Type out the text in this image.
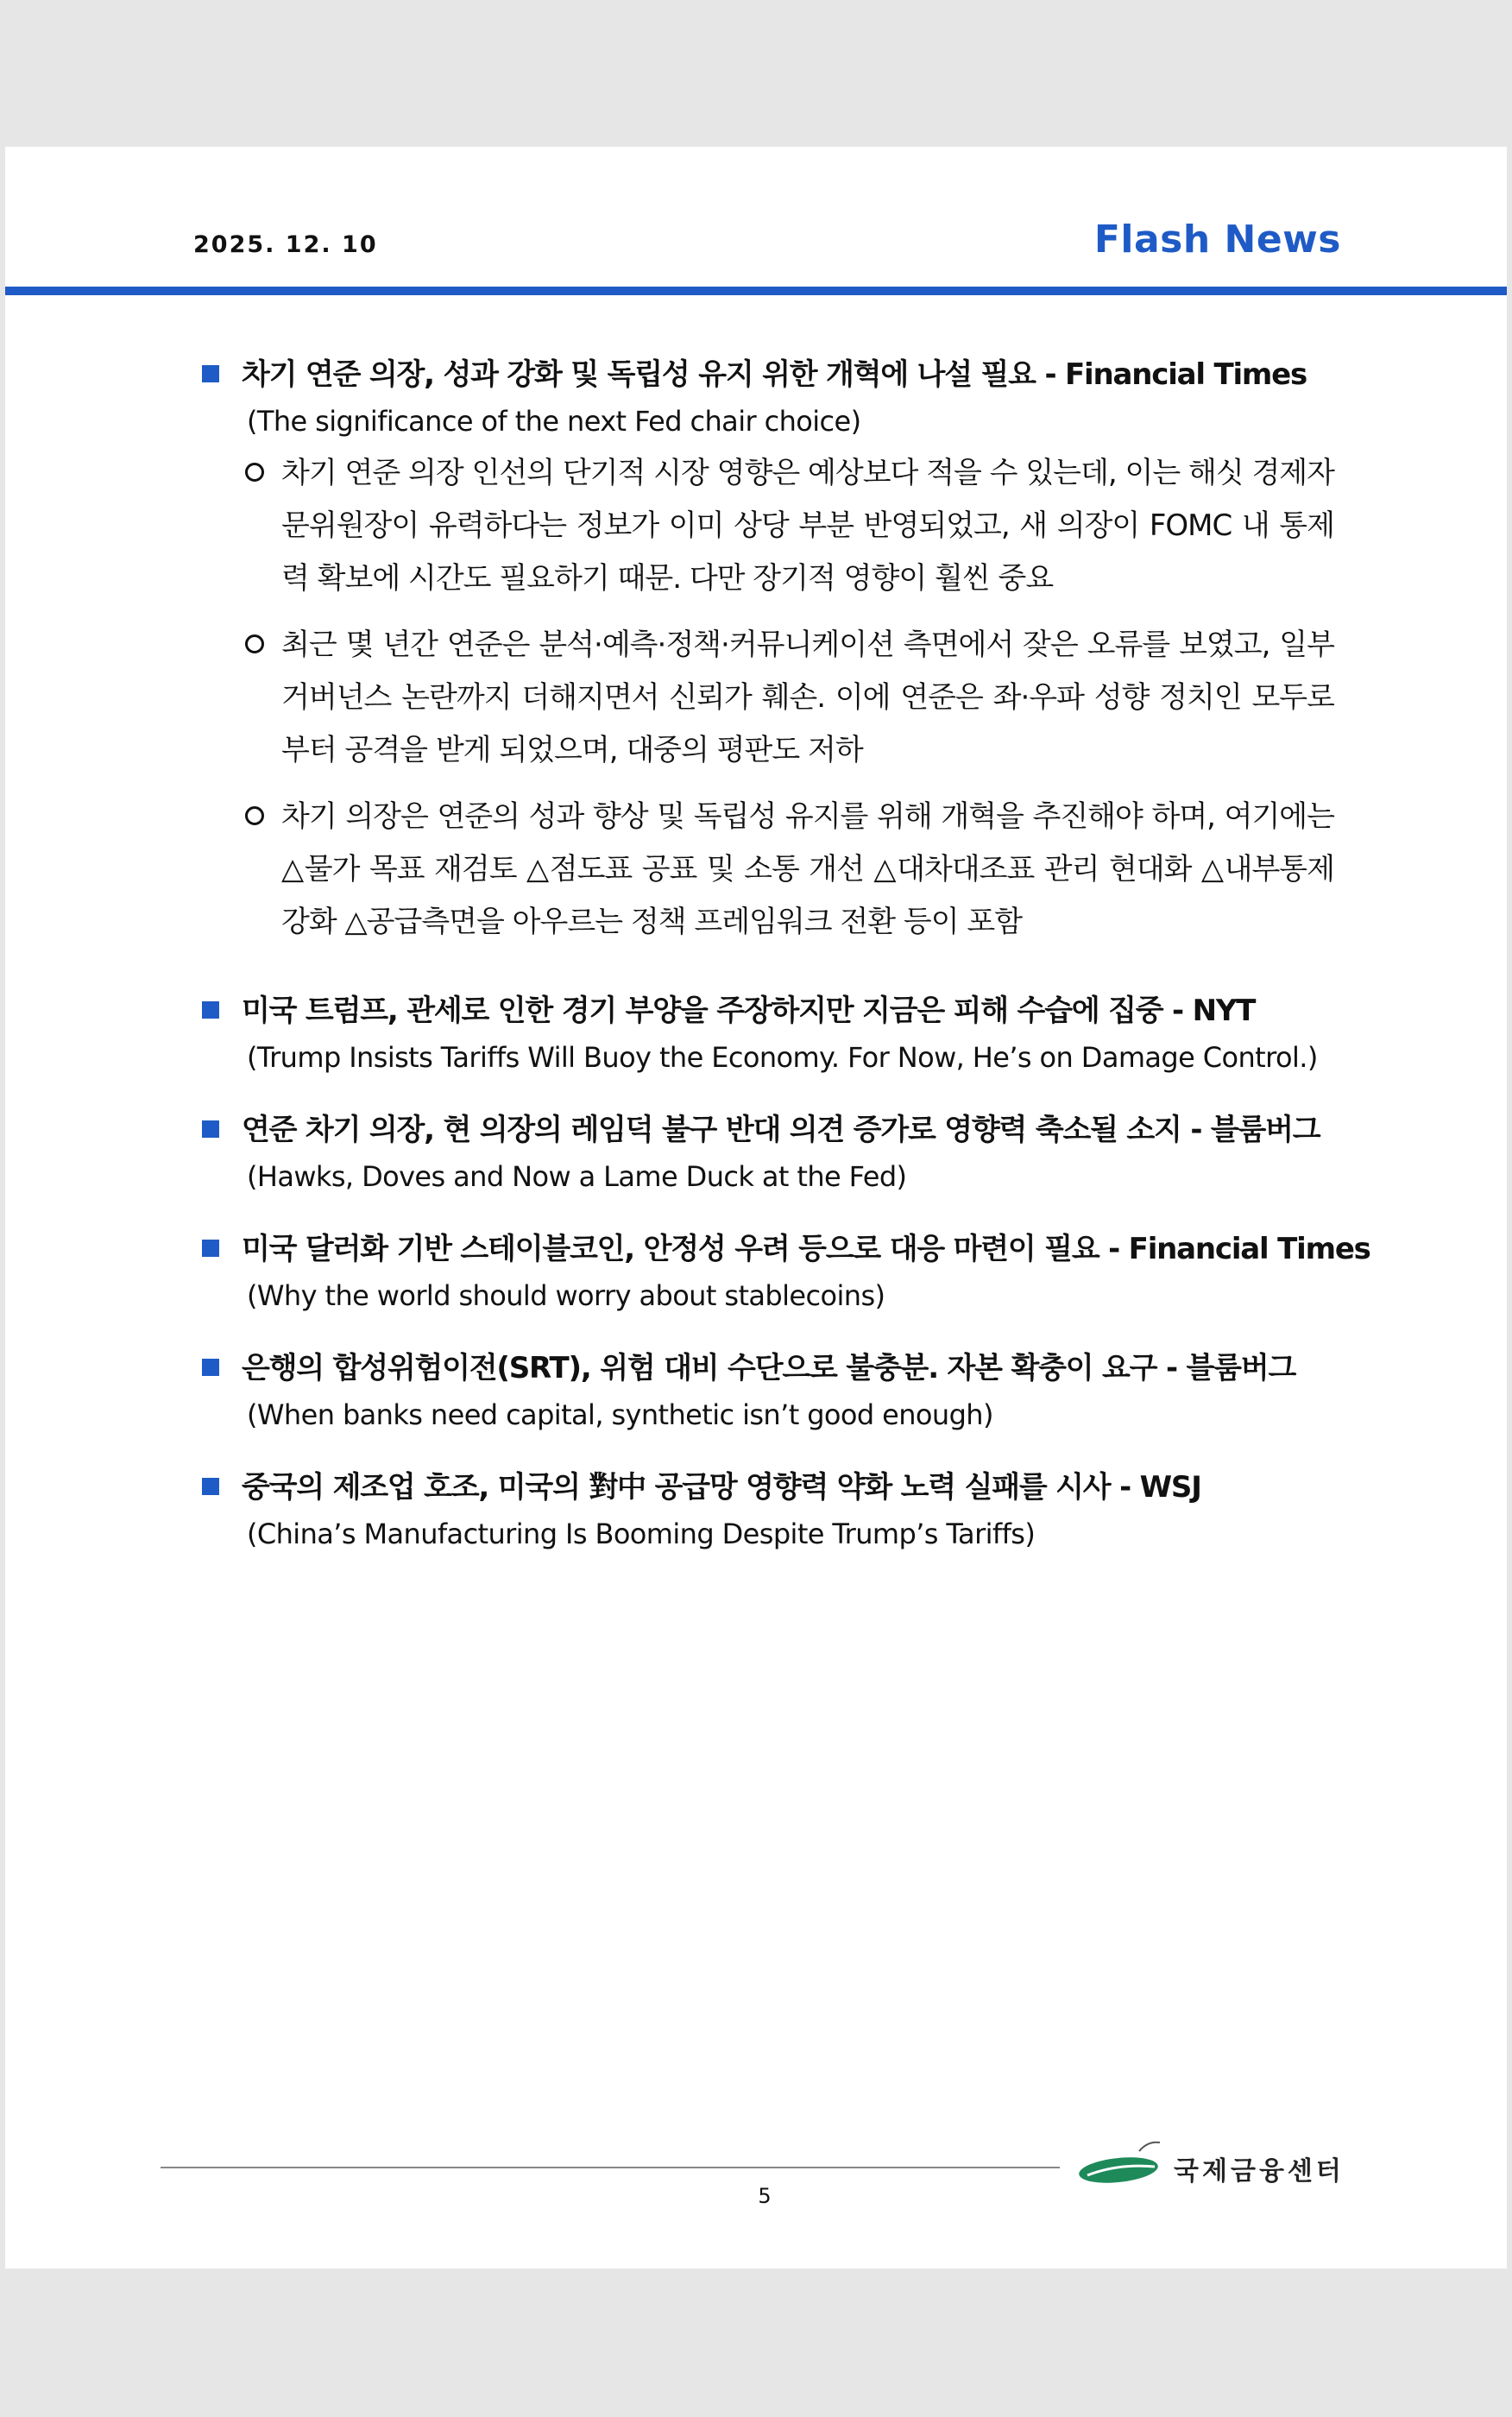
2025. 12. 10	Flash News
차기 연준 의장, 성과 강화 및 독립성 유지 위한 개혁에 나설 필요 - Financial Times
(The significance of the next Fed chair choice)
차기 연준 의장 인선의 단기적 시장 영향은 예상보다 적을 수 있는데, 이는 해싯 경제자문위원장이 유력하다는 정보가 이미 상당 부분 반영되었고, 새 의장이 FOMC 내 통제력 확보에 시간도 필요하기 때문. 다만 장기적 영향이 훨씬 중요
최근 몇 년간 연준은 분석·예측·정책·커뮤니케이션 측면에서 잦은 오류를 보였고, 일부 거버넌스 논란까지 더해지면서 신뢰가 훼손. 이에 연준은 좌·우파 성향 정치인 모두로부터 공격을 받게 되었으며, 대중의 평판도 저하
차기 의장은 연준의 성과 향상 및 독립성 유지를 위해 개혁을 추진해야 하며, 여기에는 △물가 목표 재검토 △점도표 공표 및 소통 개선 △대차대조표 관리 현대화 △내부통제 강화 △공급측면을 아우르는 정책 프레임워크 전환 등이 포함
미국 트럼프, 관세로 인한 경기 부양을 주장하지만 지금은 피해 수습에 집중 - NYT
(Trump Insists Tariffs Will Buoy the Economy. For Now, He’s on Damage Control.)
연준 차기 의장, 현 의장의 레임덕 불구 반대 의견 증가로 영향력 축소될 소지 - 블룸버그
(Hawks, Doves and Now a Lame Duck at the Fed)
미국 달러화 기반 스테이블코인, 안정성 우려 등으로 대응 마련이 필요 - Financial Times
(Why the world should worry about stablecoins)
은행의 합성위험이전(SRT), 위험 대비 수단으로 불충분. 자본 확충이 요구 - 블룸버그
(When banks need capital, synthetic isn’t good enough)
중국의 제조업 호조, 미국의 對中 공급망 영향력 약화 노력 실패를 시사 - WSJ
(China’s Manufacturing Is Booming Despite Trump’s Tariffs)
5
국제금융센터
